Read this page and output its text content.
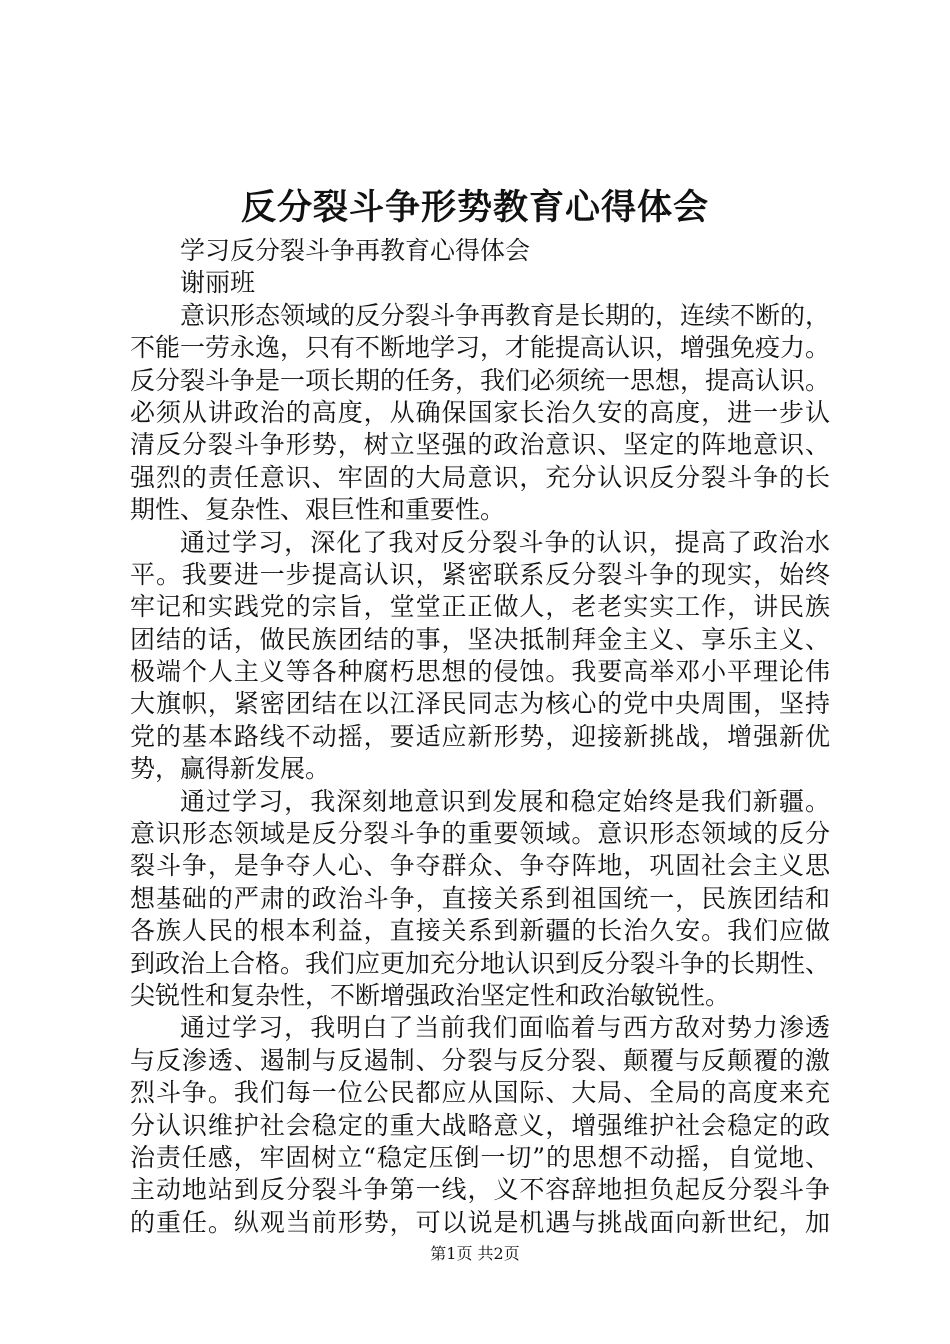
反分裂斗争形势教育心得体会
学习反分裂斗争再教育心得体会
谢丽班
意识形态领域的反分裂斗争再教育是长期的，连续不断的，
不能一劳永逸，只有不断地学习，才能提高认识，增强免疫力。
反分裂斗争是一项长期的任务，我们必须统一思想，提高认识。
必须从讲政治的高度，从确保国家长治久安的高度，进一步认
清反分裂斗争形势，树立坚强的政治意识、坚定的阵地意识、
强烈的责任意识、牢固的大局意识，充分认识反分裂斗争的长
期性、复杂性、艰巨性和重要性。
通过学习，深化了我对反分裂斗争的认识，提高了政治水
平。我要进一步提高认识，紧密联系反分裂斗争的现实，始终
牢记和实践党的宗旨，堂堂正正做人，老老实实工作，讲民族
团结的话，做民族团结的事，坚决抵制拜金主义、享乐主义、
极端个人主义等各种腐朽思想的侵蚀。我要高举邓小平理论伟
大旗帜，紧密团结在以江泽民同志为核心的党中央周围，坚持
党的基本路线不动摇，要适应新形势，迎接新挑战，增强新优
势，赢得新发展。
通过学习，我深刻地意识到发展和稳定始终是我们新疆。
意识形态领域是反分裂斗争的重要领域。意识形态领域的反分
裂斗争，是争夺人心、争夺群众、争夺阵地，巩固社会主义思
想基础的严肃的政治斗争，直接关系到祖国统一，民族团结和
各族人民的根本利益，直接关系到新疆的长治久安。我们应做
到政治上合格。我们应更加充分地认识到反分裂斗争的长期性、
尖锐性和复杂性，不断增强政治坚定性和政治敏锐性。
通过学习，我明白了当前我们面临着与西方敌对势力渗透
与反渗透、遏制与反遏制、分裂与反分裂、颠覆与反颠覆的激
烈斗争。我们每一位公民都应从国际、大局、全局的高度来充
分认识维护社会稳定的重大战略意义，增强维护社会稳定的政
治责任感，牢固树立“稳定压倒一切”的思想不动摇，自觉地、
主动地站到反分裂斗争第一线，义不容辞地担负起反分裂斗争
的重任。纵观当前形势，可以说是机遇与挑战面向新世纪，加
第1页 共2页
